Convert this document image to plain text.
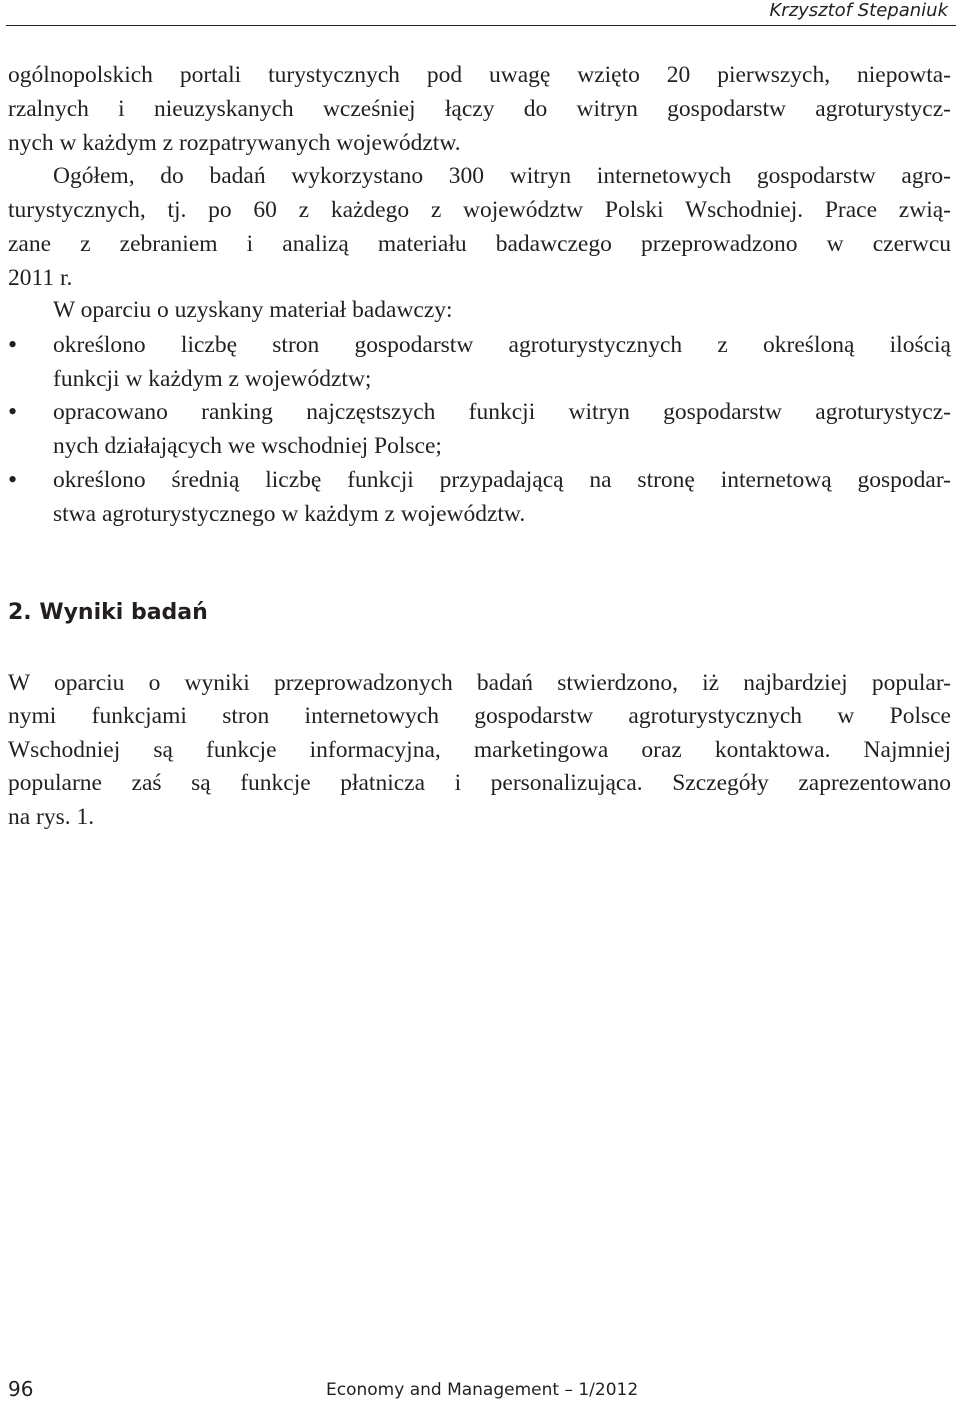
Krzysztof Stepaniuk
ogólnopolskich portali turystycznych pod uwagę wzięto 20 pierwszych, niepowta-
rzalnych i nieuzyskanych wcześniej łączy do witryn gospodarstw agroturystycz-
nych w każdym z rozpatrywanych województw.
Ogółem, do badań wykorzystano 300 witryn internetowych gospodarstw agro-
turystycznych, tj. po 60 z każdego z województw Polski Wschodniej. Prace zwią-
zane z zebraniem i analizą materiału badawczego przeprowadzono w czerwcu
2011 r.
W oparciu o uzyskany materiał badawczy:
• określono liczbę stron gospodarstw agroturystycznych z określoną ilością
funkcji w każdym z województw;
• opracowano ranking najczęstszych funkcji witryn gospodarstw agroturystycz-
nych działających we wschodniej Polsce;
• określono średnią liczbę funkcji przypadającą na stronę internetową gospodar-
stwa agroturystycznego w każdym z województw.
2. Wyniki badań
W oparciu o wyniki przeprowadzonych badań stwierdzono, iż najbardziej popular-
nymi funkcjami stron internetowych gospodarstw agroturystycznych w Polsce
Wschodniej są funkcje informacyjna, marketingowa oraz kontaktowa. Najmniej
popularne zaś są funkcje płatnicza i personalizująca. Szczegóły zaprezentowano
na rys. 1.
96	Economy and Management – 1/2012
